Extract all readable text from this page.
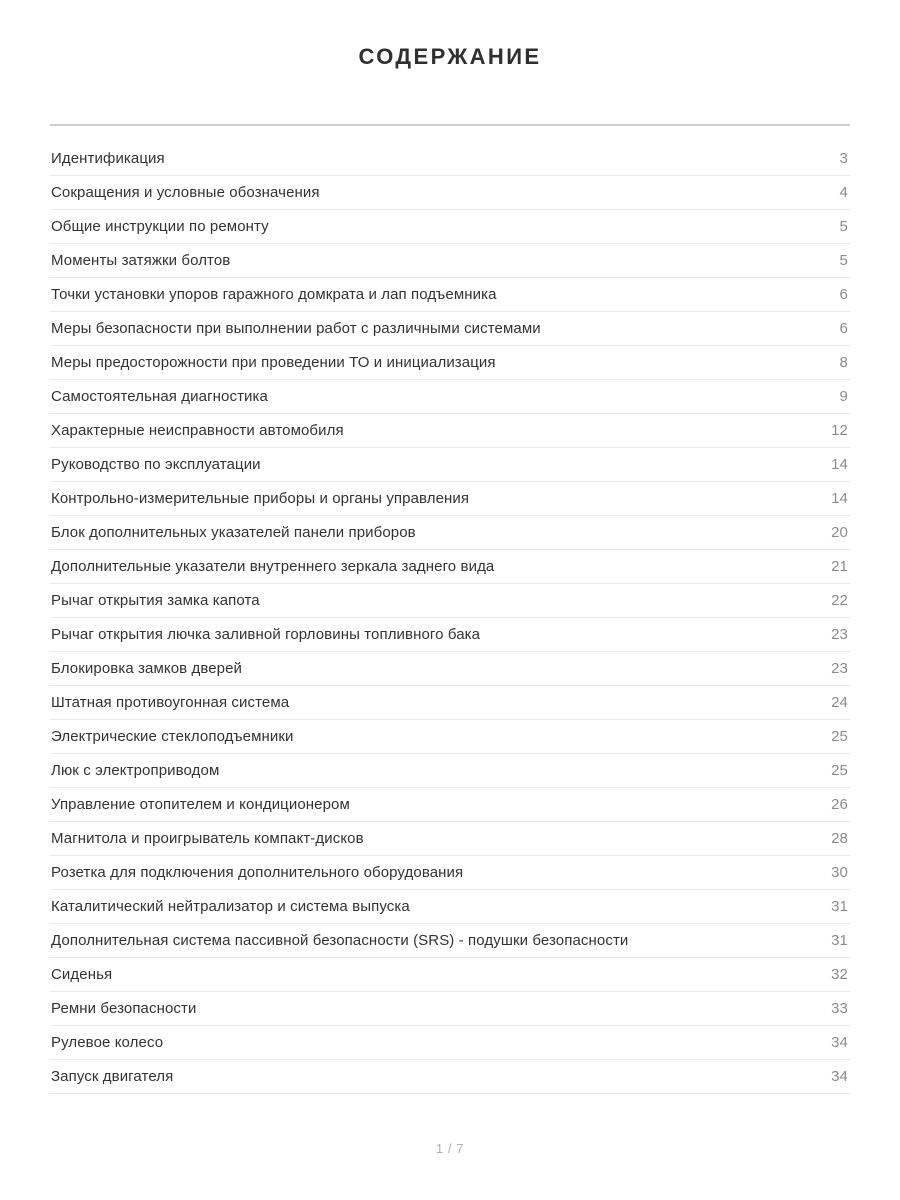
СОДЕРЖАНИЕ
Идентификация	3
Сокращения и условные обозначения	4
Общие инструкции по ремонту	5
Моменты затяжки болтов	5
Точки установки упоров гаражного домкрата и лап подъемника	6
Меры безопасности при выполнении работ с различными системами	6
Меры предосторожности при проведении ТО и инициализация	8
Самостоятельная диагностика	9
Характерные неисправности автомобиля	12
Руководство по эксплуатации	14
Контрольно-измерительные приборы и органы управления	14
Блок дополнительных указателей панели приборов	20
Дополнительные указатели внутреннего зеркала заднего вида	21
Рычаг открытия замка капота	22
Рычаг открытия лючка заливной горловины топливного бака	23
Блокировка замков дверей	23
Штатная противоугонная система	24
Электрические стеклоподъемники	25
Люк с электроприводом	25
Управление отопителем и кондиционером	26
Магнитола и проигрыватель компакт-дисков	28
Розетка для подключения дополнительного оборудования	30
Каталитический нейтрализатор и система выпуска	31
Дополнительная система пассивной безопасности (SRS) - подушки безопасности	31
Сиденья	32
Ремни безопасности	33
Рулевое колесо	34
Запуск двигателя	34
1 / 7
